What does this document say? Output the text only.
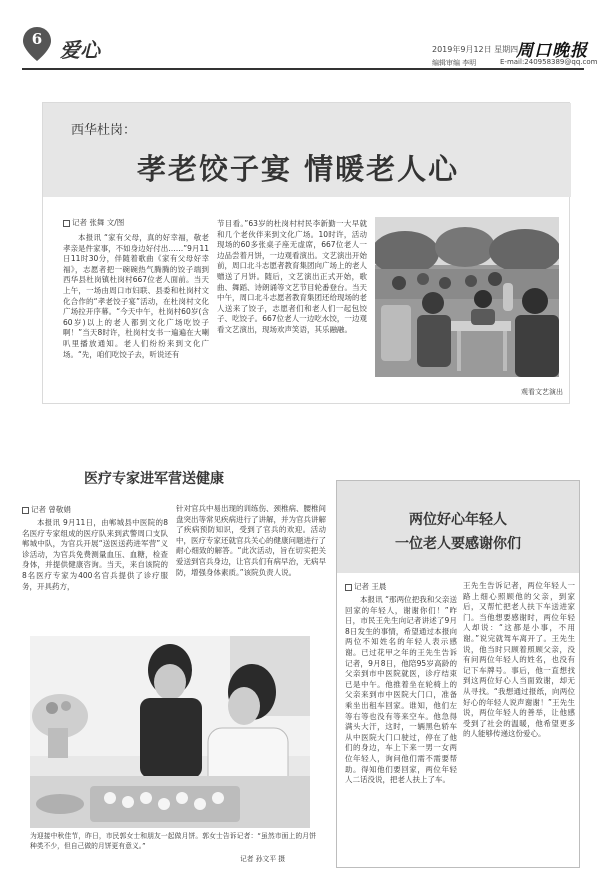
6 爱心	2019年9月12日 星期四
周口晚报
编辑审编 李明	E-mail:240958389@qq.com
西华杜岗：
孝老饺子宴 情暖老人心
记者 张舞 文/图
本报讯 “家有父母，真的好幸福，敬老孝亲是件家事，不如身边好付出……”9月11日11时30分，伴随着歌曲《家有父母好幸福》，志愿者把一碗碗热气腾腾的饺子端到西华县杜岗镇杜岗村667位老人面前。当天上午，一场由周口市妇联、县委和杜岗村文化合作的“孝老饺子宴”活动，在杜岗村文化广场拉开序幕。“今天中午，杜岗村60岁(含60岁)以上的老人都到文化广场吃饺子啊！”当天8时许，杜岗村支书一遍遍在大喇叭里播放通知。老人们纷纷来到文化广场。“先，咱们吃饺子去，听说还有
节目看。”63岁的杜岗村村民李新勤一大早就和几个老伙伴来到文化广场。10时许，活动现场的60多张桌子座无虚席，667位老人一边品尝着月饼，一边观看演出。文艺演出开始前，周口北斗志愿者教育集团向广场上的老人赠送了月饼。随后，文艺演出正式开始，歌曲、舞蹈、诗朗诵等文艺节目轮番登台。当天中午，周口北斗志愿者教育集团还给现场的老人送来了饺子，志愿者们和老人们一起包饺子、吃饺子。667位老人一边吃水饺，一边观看文艺演出，现场欢声笑语，其乐融融。
观看文艺演出
医疗专家进军营送健康
记者 曾敬娟
本报讯 9月11日，由郸城县中医院的8名医疗专家组成的医疗队来到武警周口支队郸城中队，为官兵开展“送医送药进军营”义诊活动，为官兵免费测量血压、血糖，检查身体，并提供健康咨询。当天，来自该院的8名医疗专家为400名官兵提供了诊疗服务，开具药方，
针对官兵中易出现的训练伤、颈椎病、腰椎间盘突出等常见疾病进行了讲解，并为官兵讲解了疾病预防知识，受到了官兵的欢迎。活动中，医疗专家还就官兵关心的健康问题进行了耐心细致的解答。“此次活动，旨在切实把关爱送到官兵身边，让官兵们有病早治，无病早防，增强身体素质。”该院负责人说。
为迎接中秋佳节，昨日，市民郭女士和朋友一起做月饼。郭女士告诉记者：“虽然市面上的月饼种类不少，但自己做的月饼更有意义。”
记者 孙文平 摄
两位好心年轻人
一位老人要感谢你们
记者 王晨
本报讯 “那两位把我和父亲送回家的年轻人，谢谢你们！”昨日，市民王先生向记者讲述了9月8日发生的事情，希望通过本报向两位不知姓名的年轻人表示感谢。已过花甲之年的王先生告诉记者，9月8日，他陪95岁高龄的父亲到市中医院就医，诊疗结束已是中午。他推着坐在轮椅上的父亲来到市中医院大门口，准备乘坐出租车回家。谁知，他们左等右等也没有等来空车。他急得满头大汗，这时，一辆黑色轿车从中医院大门口驶过，停在了他们的身边，车上下来一男一女两位年轻人，询问他们需不需要帮助。得知他们要回家，两位年轻人二话没说，把老人扶上了车。
王先生告诉记者，两位年轻人一路上细心照顾他的父亲，到家后，又帮忙把老人扶下车送进家门。当他想要感谢时，两位年轻人却说：“这都是小事，不用谢。”说完就驾车离开了。王先生说，他当时只顾着照顾父亲，没有问两位年轻人的姓名，也没有记下车牌号。事后，他一直想找到这两位好心人当面致谢，却无从寻找。“我想通过报纸，向两位好心的年轻人说声谢谢！”王先生说，两位年轻人的善举，让他感受到了社会的温暖，他希望更多的人能够传递这份爱心。
